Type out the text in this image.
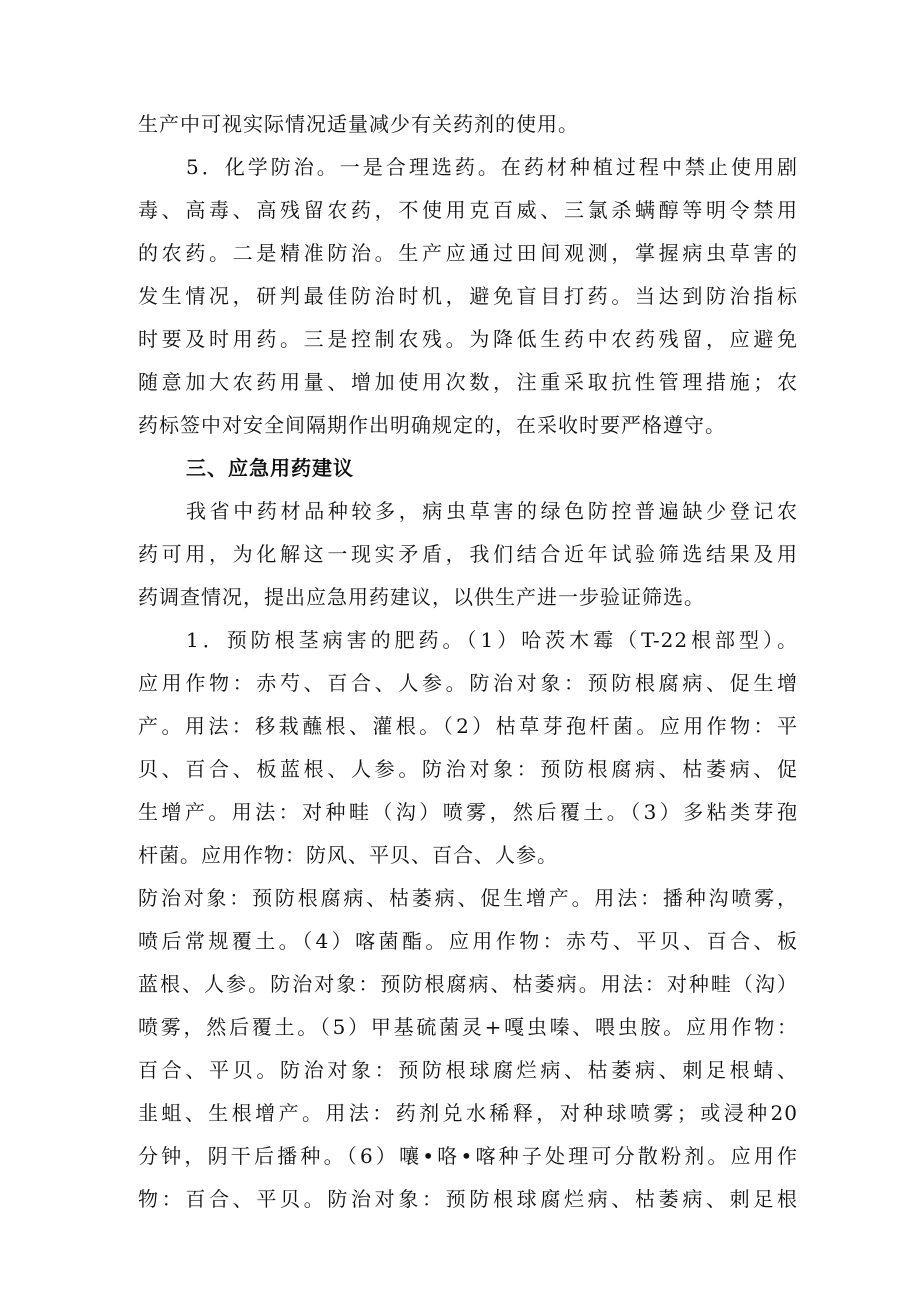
生产中可视实际情况适量减少有关药剂的使用。
5．化学防治。一是合理选药。在药材种植过程中禁止使用剧
毒、高毒、高残留农药，不使用克百威、三氯杀螨醇等明令禁用
的农药。二是精准防治。生产应通过田间观测，掌握病虫草害的
发生情况，研判最佳防治时机，避免盲目打药。当达到防治指标
时要及时用药。三是控制农残。为降低生药中农药残留，应避免
随意加大农药用量、增加使用次数，注重采取抗性管理措施；农
药标签中对安全间隔期作出明确规定的，在采收时要严格遵守。
三、应急用药建议
我省中药材品种较多，病虫草害的绿色防控普遍缺少登记农
药可用，为化解这一现实矛盾，我们结合近年试验筛选结果及用
药调查情况，提出应急用药建议，以供生产进一步验证筛选。
1．预防根茎病害的肥药。（1）哈茨木霉（T-22根部型）。
应用作物：赤芍、百合、人参。防治对象：预防根腐病、促生增
产。用法：移栽蘸根、灌根。（2）枯草芽孢杆菌。应用作物：平
贝、百合、板蓝根、人参。防治对象：预防根腐病、枯萎病、促
生增产。用法：对种畦（沟）喷雾，然后覆土。（3）多粘类芽孢
杆菌。应用作物：防风、平贝、百合、人参。
防治对象：预防根腐病、枯萎病、促生增产。用法：播种沟喷雾，
喷后常规覆土。（4）喀菌酯。应用作物：赤芍、平贝、百合、板
蓝根、人参。防治对象：预防根腐病、枯萎病。用法：对种畦（沟）
喷雾，然后覆土。（5）甲基硫菌灵+嘎虫嗪、喂虫胺。应用作物：
百合、平贝。防治对象：预防根球腐烂病、枯萎病、刺足根蜻、
韭蛆、生根增产。用法：药剂兑水稀释，对种球喷雾；或浸种20
分钟，阴干后播种。（6）嚷•咯•喀种子处理可分散粉剂。应用作
物：百合、平贝。防治对象：预防根球腐烂病、枯萎病、刺足根
